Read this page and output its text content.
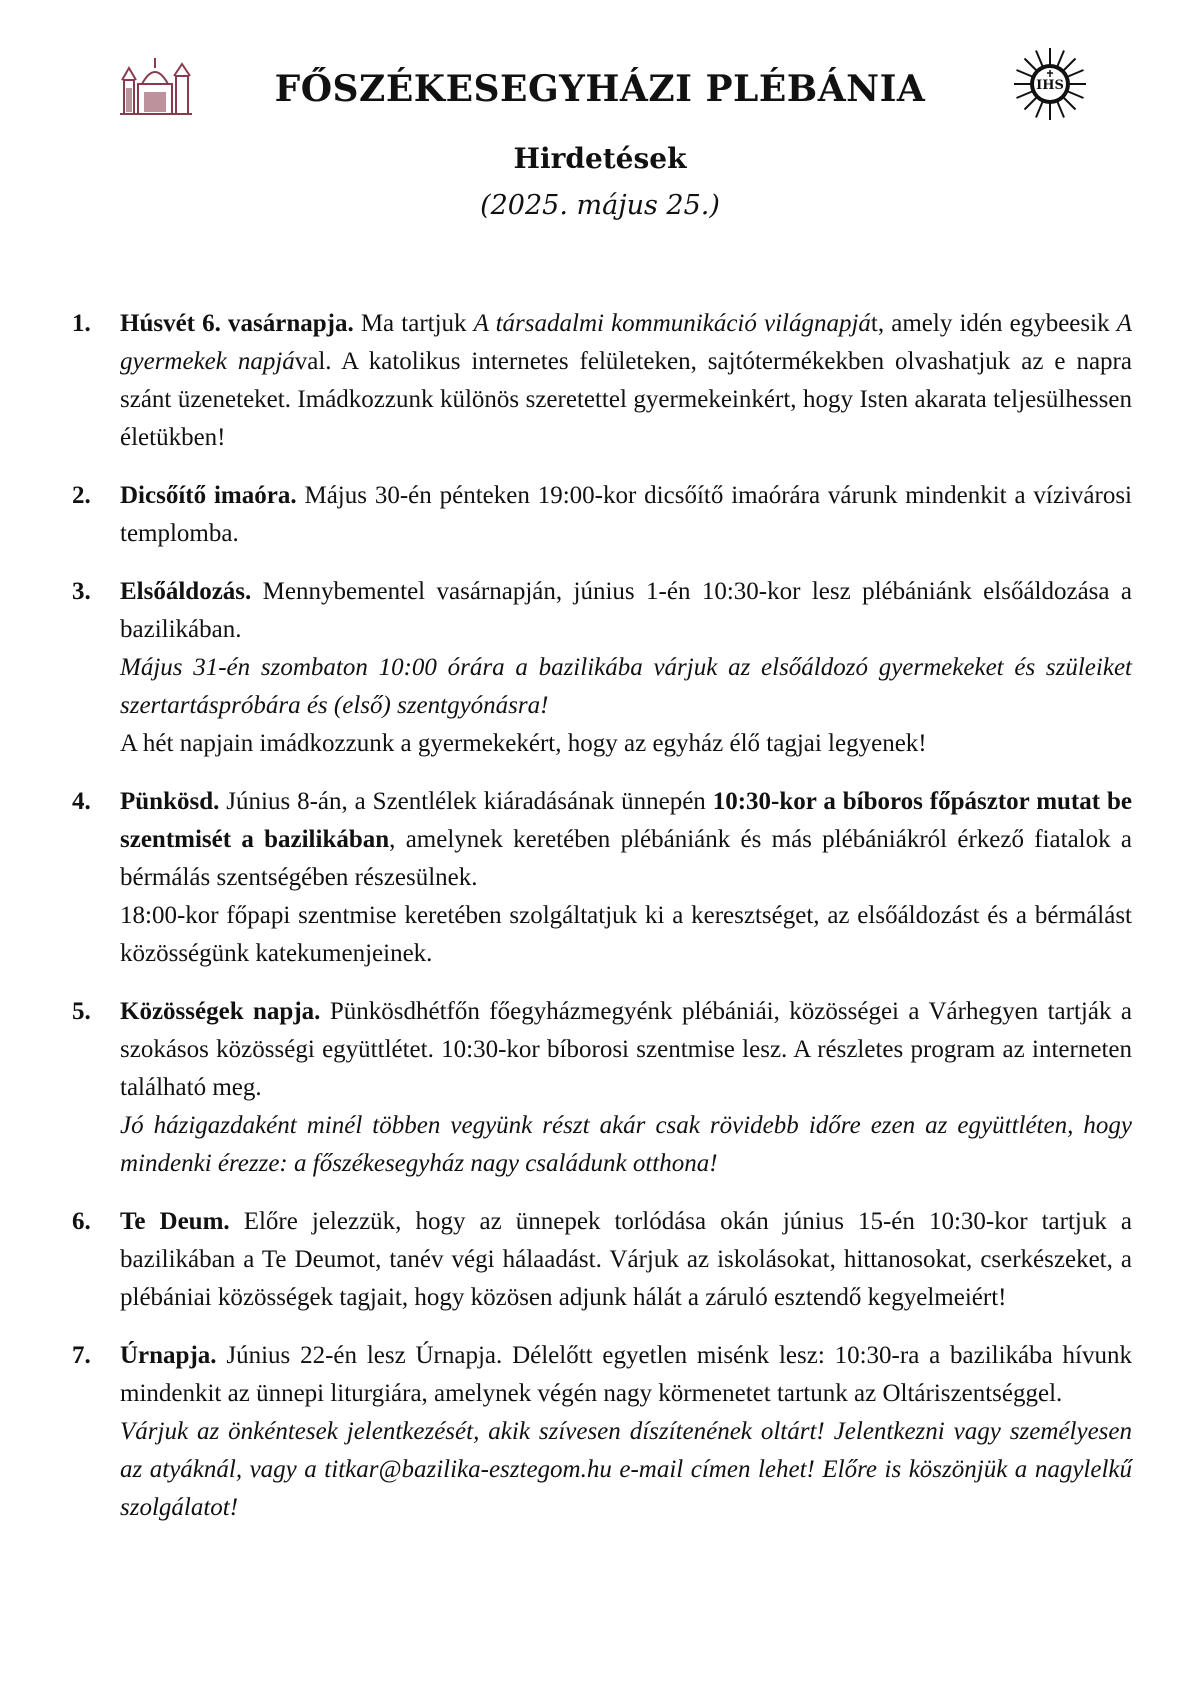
FŐSZÉKESEGYHÁZI PLÉBÁNIA	IHS
Hirdetések
(2025. május 25.)
1. Húsvét 6. vasárnapja. Ma tartjuk A társadalmi kommunikáció világnapját, amely idén egybeesik A gyermekek napjával. A katolikus internetes felületeken, sajtótermékekben olvashatjuk az e napra szánt üzeneteket. Imádkozzunk különös szeretettel gyermekeinkért, hogy Isten akarata teljesülhessen életükben!

2. Dicsőítő imaóra. Május 30-én pénteken 19:00-kor dicsőítő imaórára várunk mindenkit a vízivárosi templomba.

3. Elsőáldozás. Mennybementel vasárnapján, június 1-én 10:30-kor lesz plébániánk elsőáldozása a bazilikában.

Május 31-én szombaton 10:00 órára a bazilikába várjuk az elsőáldozó gyermekeket és szüleiket szertartáspróbára és (első) szentgyónásra!

A hét napjain imádkozzunk a gyermekekért, hogy az egyház élő tagjai legyenek!

4. Pünkösd. Június 8-án, a Szentlélek kiáradásának ünnepén 10:30-kor a bíboros főpásztor mutat be szentmisét a bazilikában, amelynek keretében plébániánk és más plébániákról érkező fiatalok a bérmálás szentségében részesülnek.

18:00-kor főpapi szentmise keretében szolgáltatjuk ki a keresztséget, az elsőáldozást és a bérmálást közösségünk katekumenjeinek.

5. Közösségek napja. Pünkösdhétfőn főegyházmegyénk plébániái, közösségei a Várhegyen tartják a szokásos közösségi együttlétet. 10:30-kor bíborosi szentmise lesz. A részletes program az interneten található meg.

Jó házigazdaként minél többen vegyünk részt akár csak rövidebb időre ezen az együttléten, hogy mindenki érezze: a főszékesegyház nagy családunk otthona!

6. Te Deum. Előre jelezzük, hogy az ünnepek torlódása okán június 15-én 10:30-kor tartjuk a bazilikában a Te Deumot, tanév végi hálaadást. Várjuk az iskolásokat, hittanosokat, cserkészeket, a plébániai közösségek tagjait, hogy közösen adjunk hálát a záruló esztendő kegyelmeiért!

7. Úrnapja. Június 22-én lesz Úrnapja. Délelőtt egyetlen misénk lesz: 10:30-ra a bazilikába hívunk mindenkit az ünnepi liturgiára, amelynek végén nagy körmenetet tartunk az Oltáriszentséggel.

Várjuk az önkéntesek jelentkezését, akik szívesen díszítenének oltárt! Jelentkezni vagy személyesen az atyáknál, vagy a titkar@bazilika-esztegom.hu e-mail címen lehet! Előre is köszönjük a nagylelkű szolgálatot!
